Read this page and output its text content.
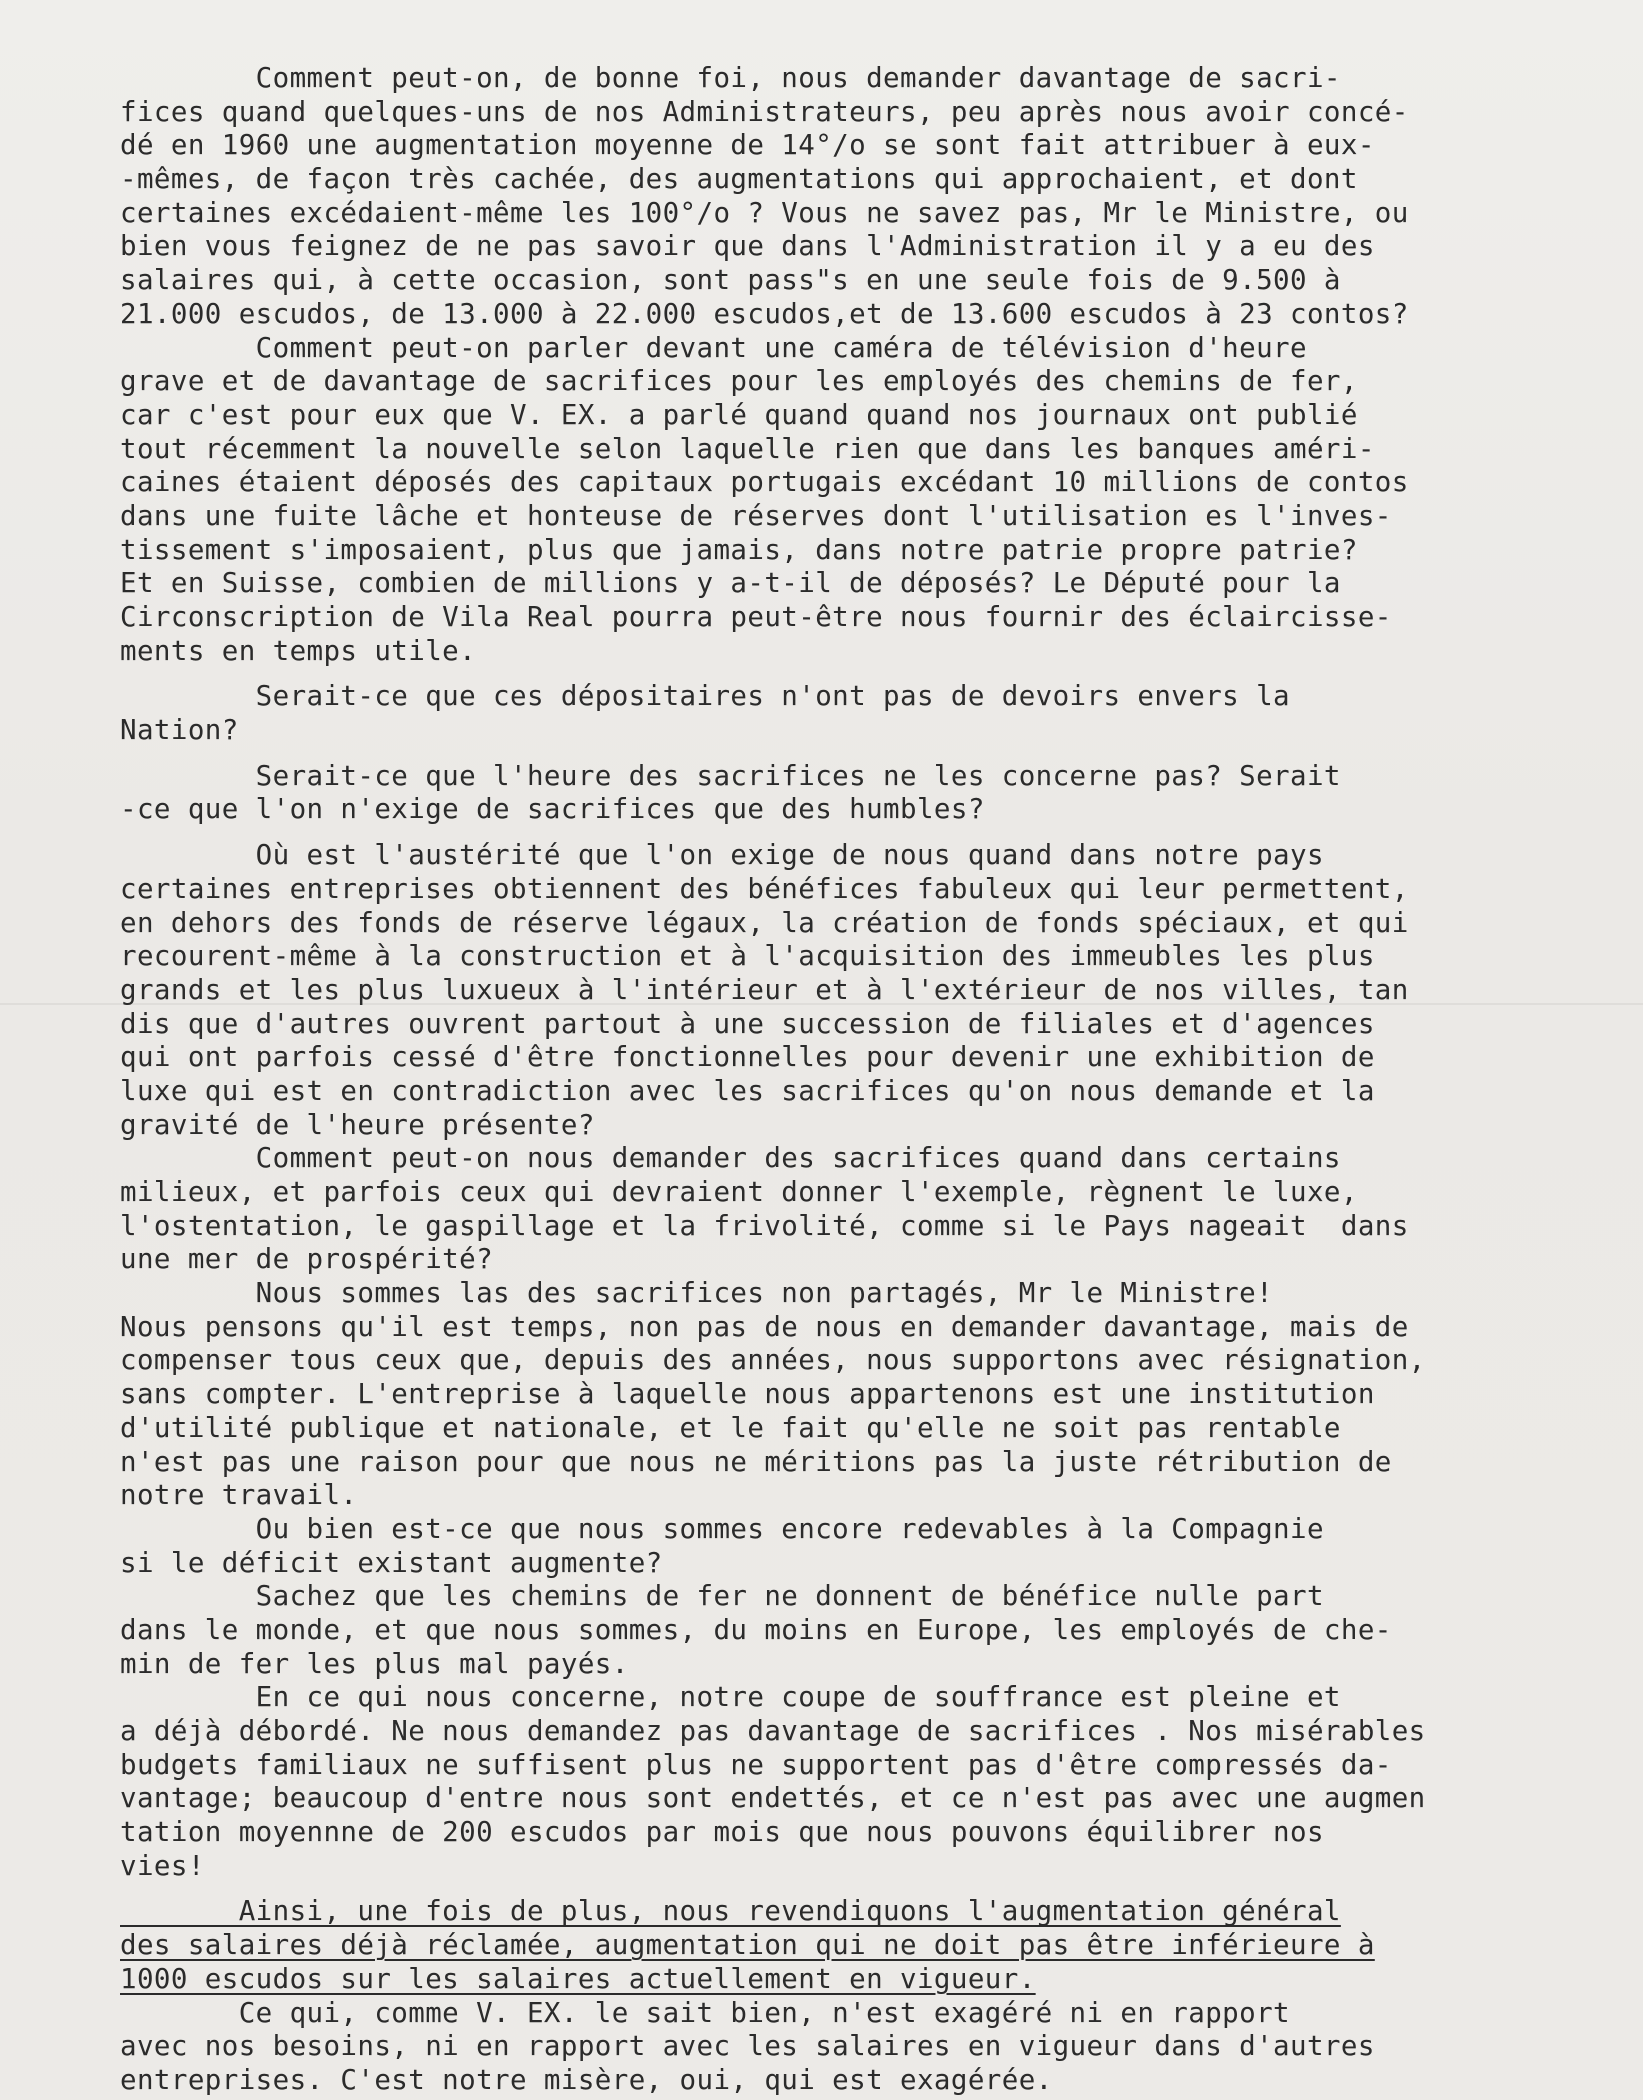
Comment peut-on, de bonne foi, nous demander davantage de sacri-
fices quand quelques-uns de nos Administrateurs, peu après nous avoir concé-
dé en 1960 une augmentation moyenne de 14°/o se sont fait attribuer à eux-
-mêmes, de façon très cachée, des augmentations qui approchaient, et dont
certaines excédaient-même les 100°/o ? Vous ne savez pas, Mr le Ministre, ou
bien vous feignez de ne pas savoir que dans l'Administration il y a eu des
salaires qui, à cette occasion, sont pass"s en une seule fois de 9.500 à
21.000 escudos, de 13.000 à 22.000 escudos,et de 13.600 escudos à 23 contos?
Comment peut-on parler devant une caméra de télévision d'heure
grave et de davantage de sacrifices pour les employés des chemins de fer,
car c'est pour eux que V. EX. a parlé quand quand nos journaux ont publié
tout récemment la nouvelle selon laquelle rien que dans les banques améri-
caines étaient déposés des capitaux portugais excédant 10 millions de contos
dans une fuite lâche et honteuse de réserves dont l'utilisation es l'inves-
tissement s'imposaient, plus que jamais, dans notre patrie propre patrie?
Et en Suisse, combien de millions y a-t-il de déposés? Le Député pour la
Circonscription de Vila Real pourra peut-être nous fournir des éclaircisse-
ments en temps utile.
Serait-ce que ces dépositaires n'ont pas de devoirs envers la
Nation?
Serait-ce que l'heure des sacrifices ne les concerne pas? Serait
-ce que l'on n'exige de sacrifices que des humbles?
Où est l'austérité que l'on exige de nous quand dans notre pays
certaines entreprises obtiennent des bénéfices fabuleux qui leur permettent,
en dehors des fonds de réserve légaux, la création de fonds spéciaux, et qui
recourent-même à la construction et à l'acquisition des immeubles les plus
grands et les plus luxueux à l'intérieur et à l'extérieur de nos villes, tan
dis que d'autres ouvrent partout à une succession de filiales et d'agences
qui ont parfois cessé d'être fonctionnelles pour devenir une exhibition de
luxe qui est en contradiction avec les sacrifices qu'on nous demande et la
gravité de l'heure présente?
Comment peut-on nous demander des sacrifices quand dans certains
milieux, et parfois ceux qui devraient donner l'exemple, règnent le luxe,
l'ostentation, le gaspillage et la frivolité, comme si le Pays nageait  dans
une mer de prospérité?
Nous sommes las des sacrifices non partagés, Mr le Ministre!
Nous pensons qu'il est temps, non pas de nous en demander davantage, mais de
compenser tous ceux que, depuis des années, nous supportons avec résignation,
sans compter. L'entreprise à laquelle nous appartenons est une institution
d'utilité publique et nationale, et le fait qu'elle ne soit pas rentable
n'est pas une raison pour que nous ne méritions pas la juste rétribution de
notre travail.
Ou bien est-ce que nous sommes encore redevables à la Compagnie
si le déficit existant augmente?
Sachez que les chemins de fer ne donnent de bénéfice nulle part
dans le monde, et que nous sommes, du moins en Europe, les employés de che-
min de fer les plus mal payés.
En ce qui nous concerne, notre coupe de souffrance est pleine et
a déjà débordé. Ne nous demandez pas davantage de sacrifices . Nos misérables
budgets familiaux ne suffisent plus ne supportent pas d'être compressés da-
vantage; beaucoup d'entre nous sont endettés, et ce n'est pas avec une augmen
tation moyennne de 200 escudos par mois que nous pouvons équilibrer nos
vies!
Ainsi, une fois de plus, nous revendiquons l'augmentation général
des salaires déjà réclamée, augmentation qui ne doit pas être inférieure à
1000 escudos sur les salaires actuellement en vigueur.
Ce qui, comme V. EX. le sait bien, n'est exagéré ni en rapport
avec nos besoins, ni en rapport avec les salaires en vigueur dans d'autres
entreprises. C'est notre misère, oui, qui est exagérée.
